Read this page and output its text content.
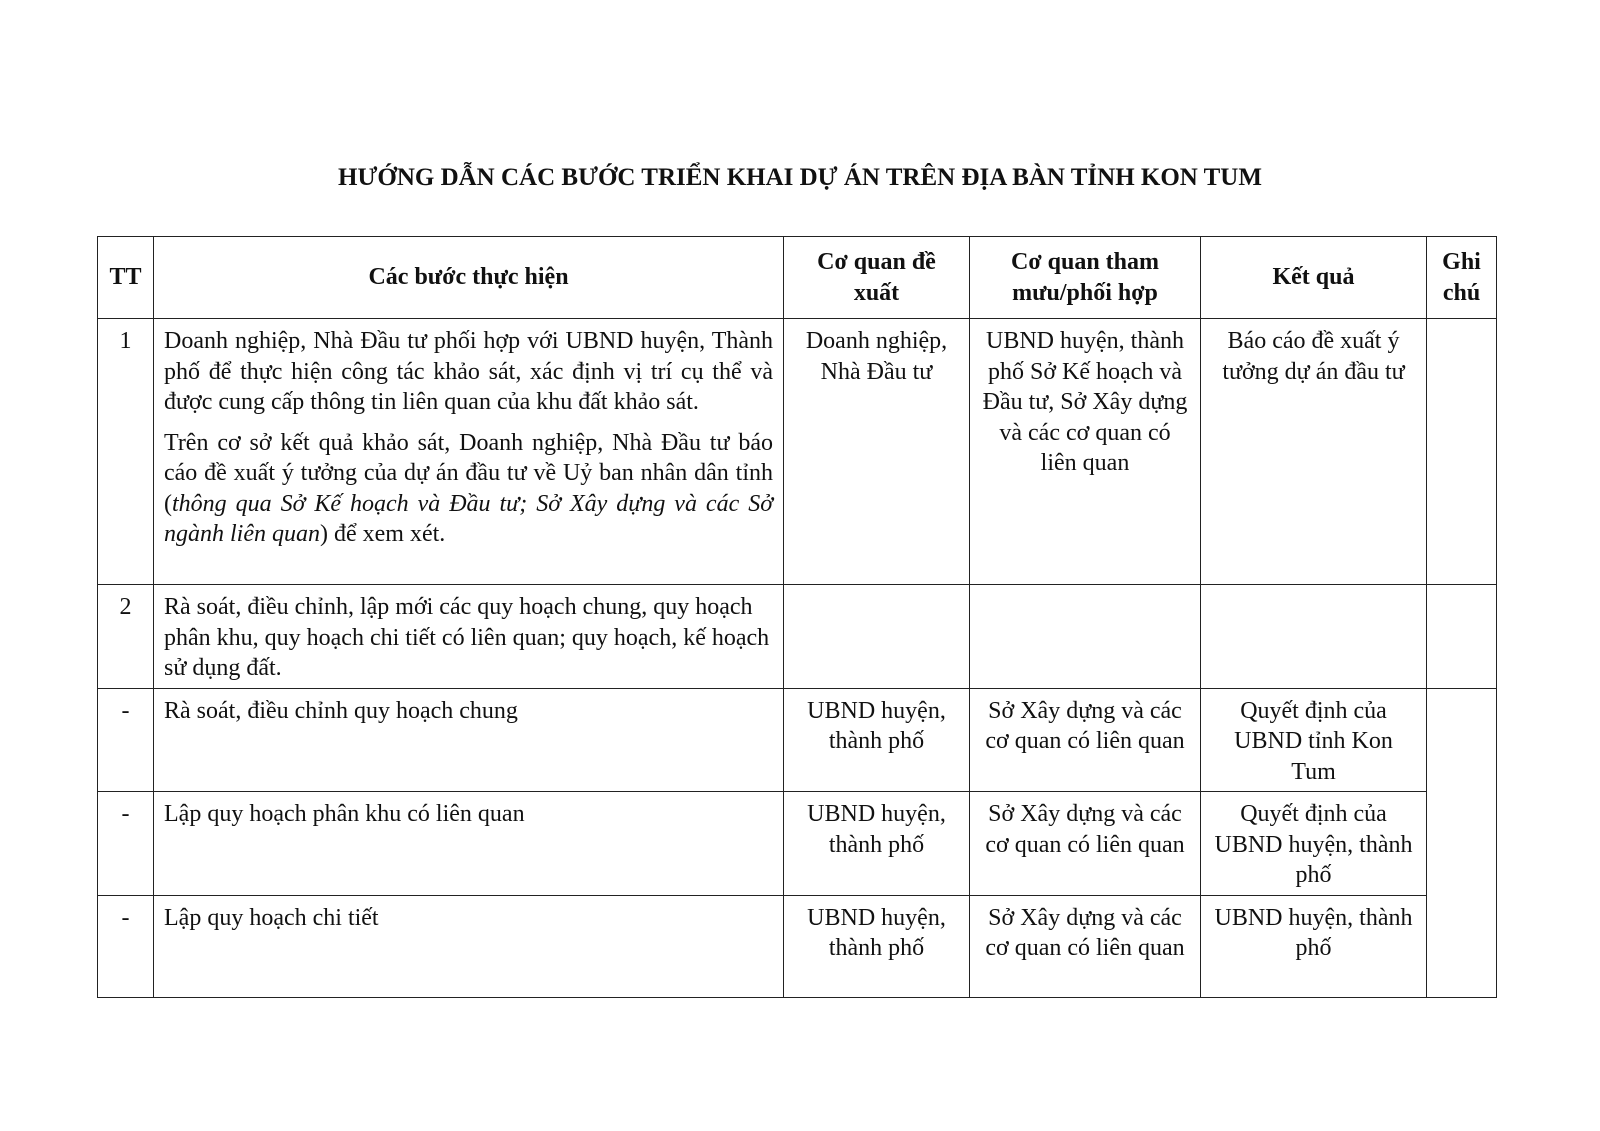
HƯỚNG DẪN CÁC BƯỚC TRIỂN KHAI DỰ ÁN TRÊN ĐỊA BÀN TỈNH KON TUM
TT	Các bước thực hiện	Cơ quan đề xuất	Cơ quan tham mưu/phối hợp	Kết quả	Ghi chú
1	Doanh nghiệp, Nhà Đầu tư phối hợp với UBND huyện, Thành phố để thực hiện công tác khảo sát, xác định vị trí cụ thể và được cung cấp thông tin liên quan của khu đất khảo sát.

Trên cơ sở kết quả khảo sát, Doanh nghiệp, Nhà Đầu tư báo cáo đề xuất ý tưởng của dự án đầu tư về Uỷ ban nhân dân tỉnh (thông qua Sở Kế hoạch và Đầu tư; Sở Xây dựng và các Sở ngành liên quan) để xem xét.	Doanh nghiệp, Nhà Đầu tư	UBND huyện, thành phố Sở Kế hoạch và Đầu tư, Sở Xây dựng và các cơ quan có liên quan	Báo cáo đề xuất ý tưởng dự án đầu tư	
2	Rà soát, điều chỉnh, lập mới các quy hoạch chung, quy hoạch phân khu, quy hoạch chi tiết có liên quan; quy hoạch, kế hoạch sử dụng đất.				
-	Rà soát, điều chỉnh quy hoạch chung	UBND huyện, thành phố	Sở Xây dựng và các cơ quan có liên quan	Quyết định của UBND tỉnh Kon Tum	
-	Lập quy hoạch phân khu có liên quan	UBND huyện, thành phố	Sở Xây dựng và các cơ quan có liên quan	Quyết định của UBND huyện, thành phố	
-	Lập quy hoạch chi tiết	UBND huyện, thành phố	Sở Xây dựng và các cơ quan có liên quan	UBND huyện, thành phố	
